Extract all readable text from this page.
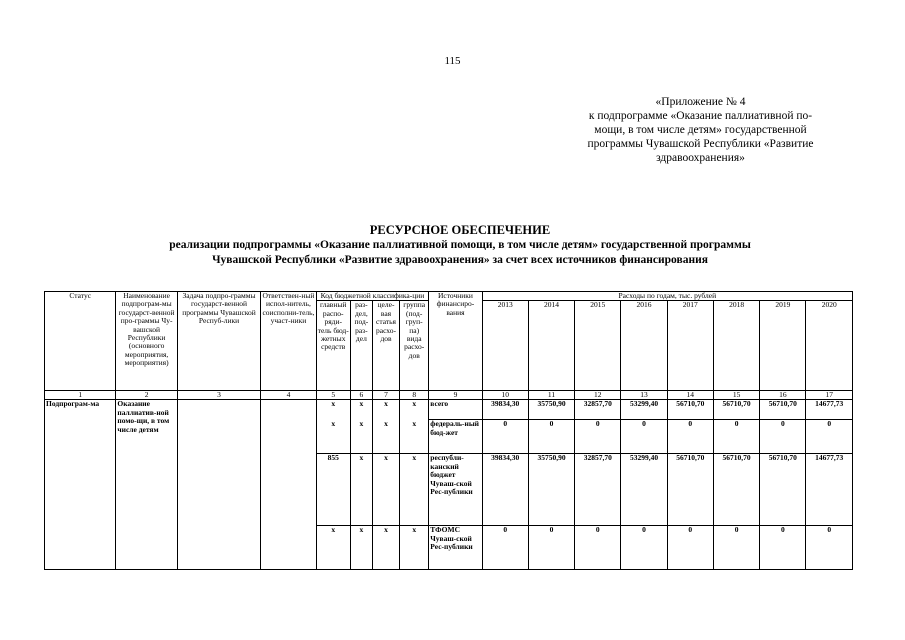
115
«Приложение № 4
к подпрограмме «Оказание паллиативной по-
мощи, в том числе детям» государственной
программы Чувашской Республики «Развитие
здравоохранения»
РЕСУРСНОЕ ОБЕСПЕЧЕНИЕ
реализации подпрограммы «Оказание паллиативной помощи, в том числе детям» государственной программы
Чувашской Республики «Развитие здравоохранения» за счет всех источников финансирования
Статус	Наименование подпрограм-мы государст-венной про-граммы Чу-вашской Республики (основного мероприятия, мероприятия)	Задача подпро-граммы государст-венной программы Чувашской Респуб-лики	Ответствен-ный испол-нитель, соисполни-тель, участ-ники	Код бюджетной классифика-ции				Источники финансиро-вания	Расходы по годам, тыс. рублей							
				главный распо-ряди-тель бюд-жетных средств	раз-дел, под-раз-дел	целе-вая статья расхо-дов	группа (под-груп-па) вида расхо-дов		2013	2014	2015	2016	2017	2018	2019	2020
1	2	3	4	5	6	7	8	9	10	11	12	13	14	15	16	17
Подпрограм-ма	Оказание паллиатив-ной помо-щи, в том числе детям			x	x	x	x	всего	39834,30	35750,90	32857,70	53299,40	56710,70	56710,70	56710,70	14677,73
				x	x	x	x	федераль-ный бюд-жет	0	0	0	0	0	0	0	0
				855	x	x	x	республи-канский бюджет Чуваш-ской Рес-публики	39834,30	35750,90	32857,70	53299,40	56710,70	56710,70	56710,70	14677,73
				x	x	x	x	ТФОМС Чуваш-ской Рес-публики	0	0	0	0	0	0	0	0
